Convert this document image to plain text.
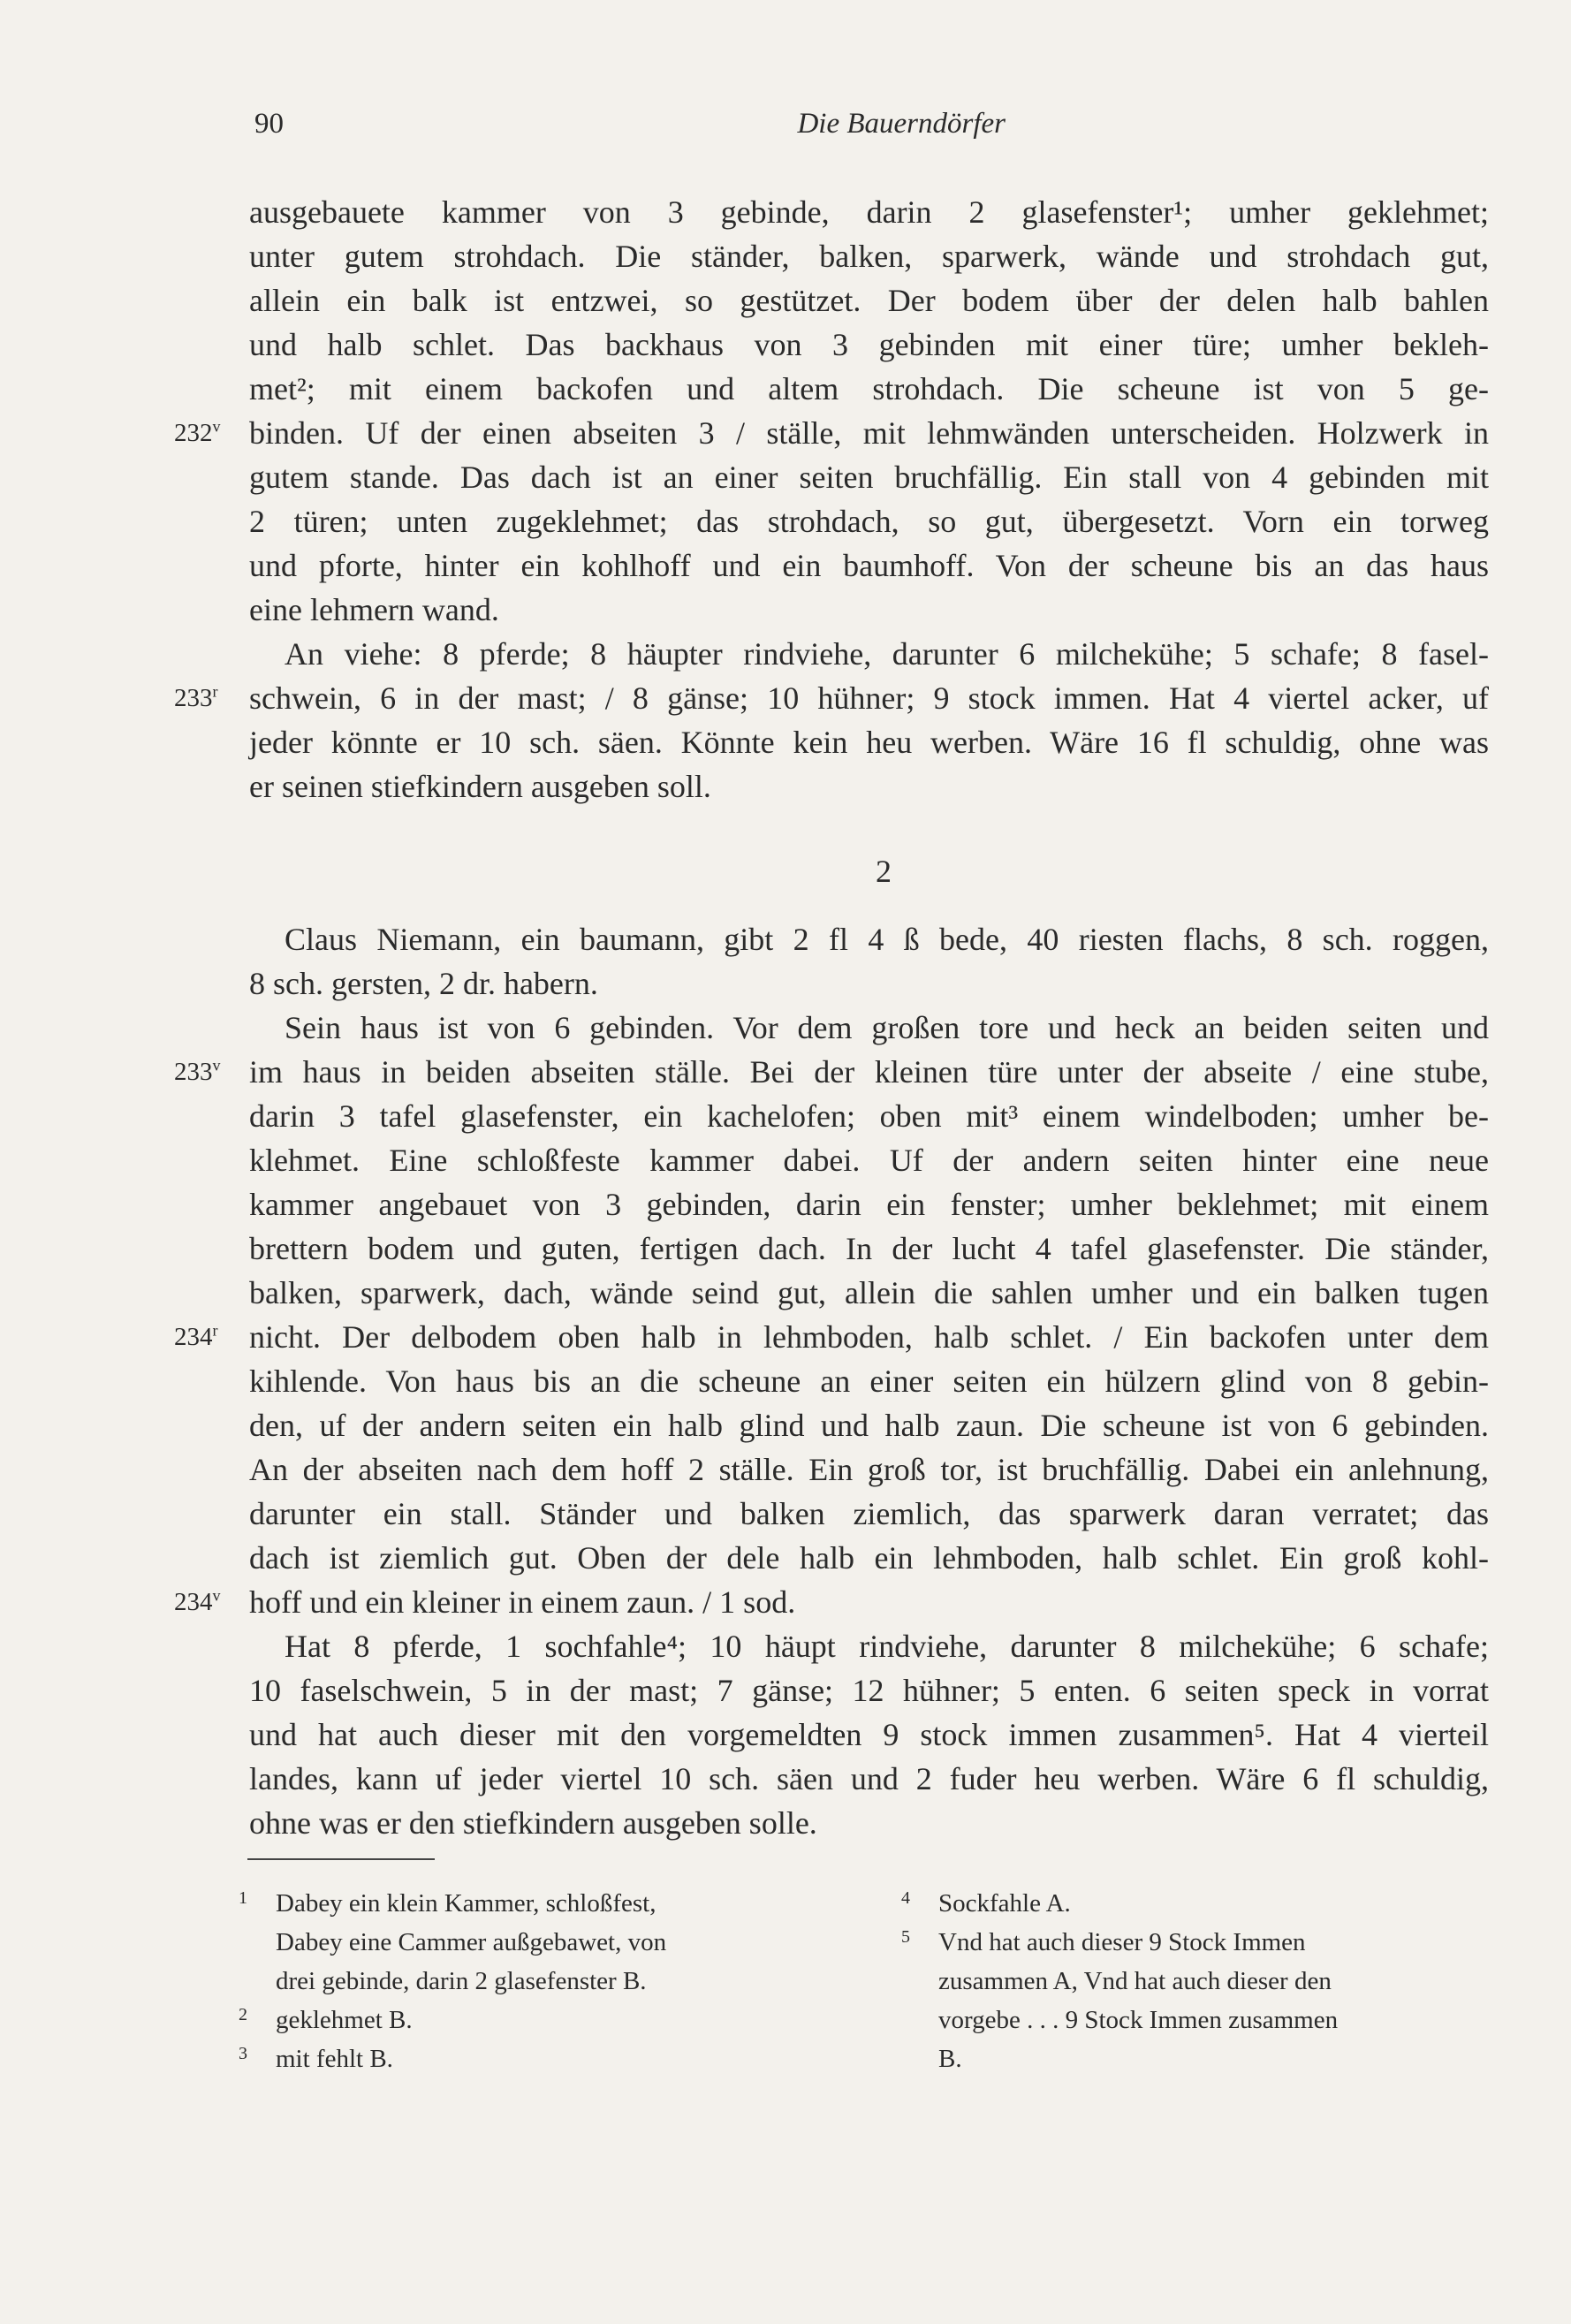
90	Die Bauerndörfer
ausgebauete kammer von 3 gebinde, darin 2 glasefenster¹; umher geklehmet;
unter gutem strohdach. Die ständer, balken, sparwerk, wände und strohdach gut,
allein ein balk ist entzwei, so gestützet. Der bodem über der delen halb bahlen
und halb schlet. Das backhaus von 3 gebinden mit einer türe; umher bekleh-
met²; mit einem backofen und altem strohdach. Die scheune ist von 5 ge-
232$^v$ binden. Uf der einen abseiten 3 / ställe, mit lehmwänden unterscheiden. Holzwerk in
gutem stande. Das dach ist an einer seiten bruchfällig. Ein stall von 4 gebinden mit
2 türen; unten zugeklehmet; das strohdach, so gut, übergesetzt. Vorn ein torweg
und pforte, hinter ein kohlhoff und ein baumhoff. Von der scheune bis an das haus
eine lehmern wand.
An viehe: 8 pferde; 8 häupter rindviehe, darunter 6 milchekühe; 5 schafe; 8 fasel-
233$^r$ schwein, 6 in der mast; / 8 gänse; 10 hühner; 9 stock immen. Hat 4 viertel acker, uf
jeder könnte er 10 sch. säen. Könnte kein heu werben. Wäre 16 fl schuldig, ohne was
er seinen stiefkindern ausgeben soll.
2
Claus Niemann, ein baumann, gibt 2 fl 4 ß bede, 40 riesten flachs, 8 sch. roggen,
8 sch. gersten, 2 dr. habern.
Sein haus ist von 6 gebinden. Vor dem großen tore und heck an beiden seiten und
233$^v$ im haus in beiden abseiten ställe. Bei der kleinen türe unter der abseite / eine stube,
darin 3 tafel glasefenster, ein kachelofen; oben mit³ einem windelboden; umher be-
klehmet. Eine schloßfeste kammer dabei. Uf der andern seiten hinter eine neue
kammer angebauet von 3 gebinden, darin ein fenster; umher beklehmet; mit einem
brettern bodem und guten, fertigen dach. In der lucht 4 tafel glasefenster. Die ständer,
balken, sparwerk, dach, wände seind gut, allein die sahlen umher und ein balken tugen
234$^r$ nicht. Der delbodem oben halb in lehmboden, halb schlet. / Ein backofen unter dem
kihlende. Von haus bis an die scheune an einer seiten ein hülzern glind von 8 gebin-
den, uf der andern seiten ein halb glind und halb zaun. Die scheune ist von 6 gebinden.
An der abseiten nach dem hoff 2 ställe. Ein groß tor, ist bruchfällig. Dabei ein anlehnung,
darunter ein stall. Ständer und balken ziemlich, das sparwerk daran verratet; das
dach ist ziemlich gut. Oben der dele halb ein lehmboden, halb schlet. Ein groß kohl-
234$^v$ hoff und ein kleiner in einem zaun. / 1 sod.
Hat 8 pferde, 1 sochfahle⁴; 10 häupt rindviehe, darunter 8 milchekühe; 6 schafe;
10 faselschwein, 5 in der mast; 7 gänse; 12 hühner; 5 enten. 6 seiten speck in vorrat
und hat auch dieser mit den vorgemeldten 9 stock immen zusammen⁵. Hat 4 vierteil
landes, kann uf jeder viertel 10 sch. säen und 2 fuder heu werben. Wäre 6 fl schuldig,
ohne was er den stiefkindern ausgeben solle.
1 Dabey ein klein Kammer, schloßfest,
Dabey eine Cammer außgebawet, von
drei gebinde, darin 2 glasefenster B.
2 geklehmet B.
3 mit fehlt B.
4 Sockfahle A.
5 Vnd hat auch dieser 9 Stock Immen
zusammen A, Vnd hat auch dieser den
vorgebe . . . 9 Stock Immen zusammen
B.
